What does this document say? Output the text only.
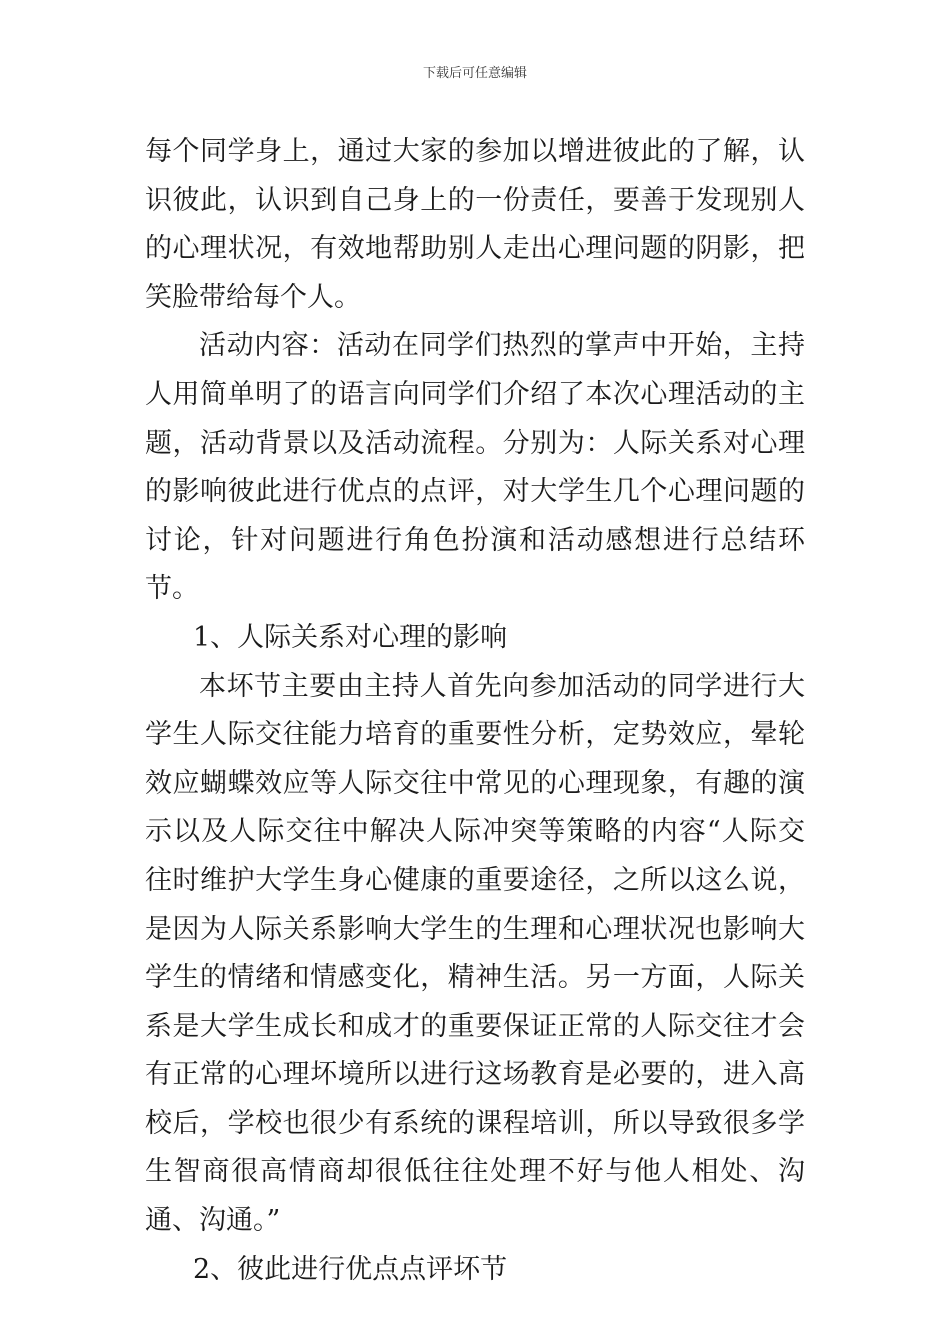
下载后可任意编辑

每个同学身上，通过大家的参加以增进彼此的了解，认识彼此，认识到自己身上的一份责任，要善于发现别人的心理状况，有效地帮助别人走出心理问题的阴影，把笑脸带给每个人。

活动内容：活动在同学们热烈的掌声中开始，主持人用简单明了的语言向同学们介绍了本次心理活动的主题，活动背景以及活动流程。分别为：人际关系对心理的影响彼此进行优点的点评，对大学生几个心理问题的讨论，针对问题进行角色扮演和活动感想进行总结环节。

1、人际关系对心理的影响

本坏节主要由主持人首先向参加活动的同学进行大学生人际交往能力培育的重要性分析，定势效应，晕轮效应蝴蝶效应等人际交往中常见的心理现象，有趣的演示以及人际交往中解决人际冲突等策略的内容“人际交往时维护大学生身心健康的重要途径，之所以这么说，是因为人际关系影响大学生的生理和心理状况也影响大学生的情绪和情感变化，精神生活。另一方面，人际关系是大学生成长和成才的重要保证正常的人际交往才会有正常的心理坏境所以进行这场教育是必要的，进入高校后，学校也很少有系统的课程培训，所以导致很多学生智商很高情商却很低往往处理不好与他人相处、沟通、沟通。”

2、彼此进行优点点评坏节
